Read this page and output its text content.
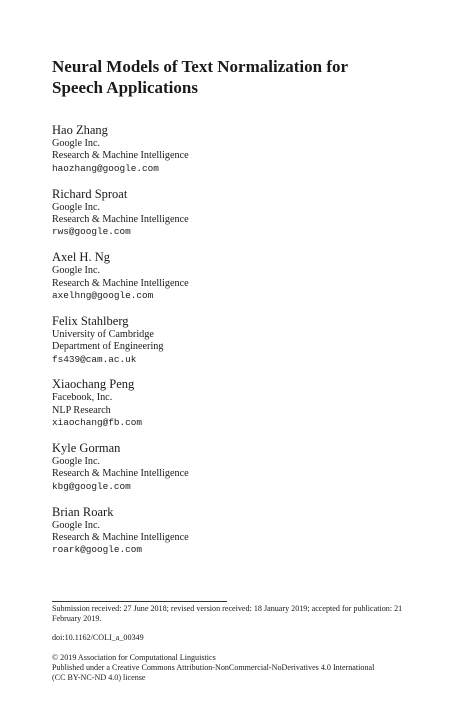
Neural Models of Text Normalization for
Speech Applications
Hao Zhang
Google Inc.
Research & Machine Intelligence
haozhang@google.com
Richard Sproat
Google Inc.
Research & Machine Intelligence
rws@google.com
Axel H. Ng
Google Inc.
Research & Machine Intelligence
axelhng@google.com
Felix Stahlberg
University of Cambridge
Department of Engineering
fs439@cam.ac.uk
Xiaochang Peng
Facebook, Inc.
NLP Research
xiaochang@fb.com
Kyle Gorman
Google Inc.
Research & Machine Intelligence
kbg@google.com
Brian Roark
Google Inc.
Research & Machine Intelligence
roark@google.com

Submission received: 27 June 2018; revised version received: 18 January 2019; accepted for publication: 21 February 2019.

doi:10.1162/COLI_a_00349

© 2019 Association for Computational Linguistics

Published under a Creative Commons Attribution-NonCommercial-NoDerivatives 4.0 International

(CC BY-NC-ND 4.0) license
